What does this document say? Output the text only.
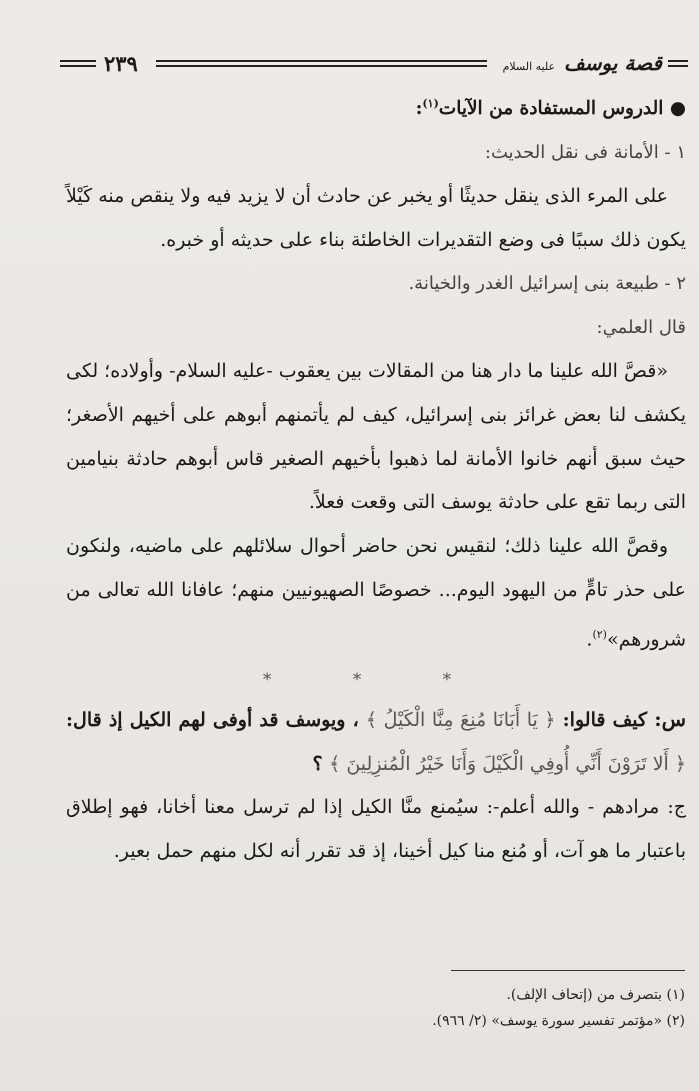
٢٣٩	قصة يوسف عليه السلام

● الدروس المستفادة من الآيات$^{(١)}$:

١ - الأمانة فى نقل الحديث:

على المرء الذى ينقل حديثًا أو يخبر عن حادث أن لا يزيد فيه ولا ينقص منه كَيْلاً يكون ذلك سببًا فى وضع التقديرات الخاطئة بناء على حديثه أو خبره.

٢ - طبيعة بنى إسرائيل الغدر والخيانة.

قال العلمي:

«قصَّ الله علينا ما دار هنا من المقالات بين يعقوب -عليه السلام- وأولاده؛ لكى يكشف لنا بعض غرائز بنى إسرائيل، كيف لم يأتمنهم أبوهم على أخيهم الأصغر؛ حيث سبق أنهم خانوا الأمانة لما ذهبوا بأخيهم الصغير قاس أبوهم حادثة بنيامين التى ربما تقع على حادثة يوسف التى وقعت فعلاً.

وقصَّ الله علينا ذلك؛ لنقيس نحن حاضر أحوال سلائلهم على ماضيه، ولنكون على حذر تامٍّ من اليهود اليوم... خصوصًا الصهيونيين منهم؛ عافانا الله تعالى من شرورهم»$^{(٢)}$.

* * *

س: كيف قالوا: ﴿ يَا أَبَانَا مُنِعَ مِنَّا الْكَيْلُ ﴾ ، ويوسف قد أوفى لهم الكيل إذ قال: ﴿ أَلا تَرَوْنَ أَنِّي أُوفِي الْكَيْلَ وَأَنَا خَيْرُ الْمُنزِلِينَ ﴾ ؟

ج: مرادهم - والله أعلم-: سيُمنع منَّا الكيل إذا لم ترسل معنا أخانا، فهو إطلاق باعتبار ما هو آت، أو مُنع منا كيل أخينا، إذ قد تقرر أنه لكل منهم حمل بعير.

(١) بتصرف من (إتحاف الإلف).

(٢) «مؤتمر تفسير سورة يوسف» (٢/ ٩٦٦).
